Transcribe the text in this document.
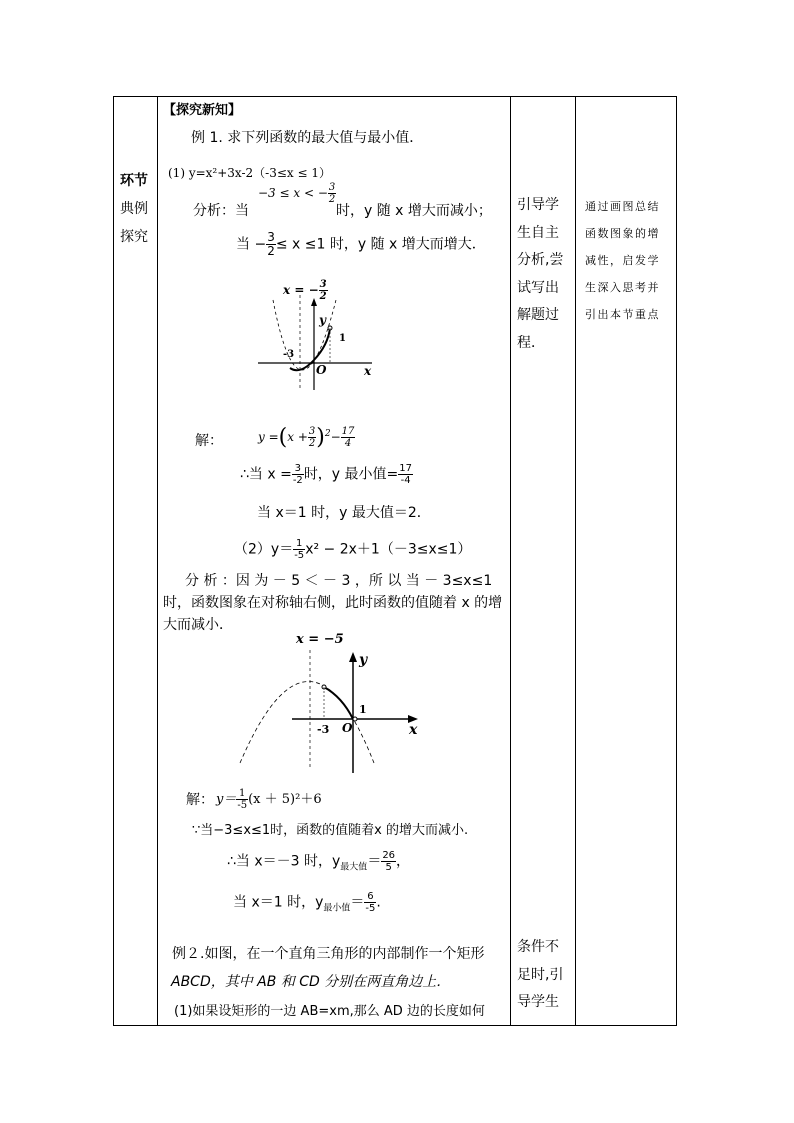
环节
典例
探究
【探究新知】
例 1. 求下列函数的最大值与最小值．
(1) y=x²+3x-2（-3≤x ≤ 1）
−3 ≤ x < − $\frac{3}{2}$
分析：当	时，y 随 x 增大而减小；
当 − $\frac{3}{2} \le x \le 1$ 时，y 随 x 增大而增大．
x = − $\frac{3}{2}$
y
x
O
-3
1
解：	$y =(x + \frac{3}{2} )^2- \frac{17}{4}$
∴当 $x = \frac{3}{-2}$ 时，y 最小值= $\frac{17}{-4}$
当 x＝1 时，y 最大值＝2．
$(2)y= \frac{1}{-5} x^2 - 2x+1(-3\le x\le 1)$
分 析 ：因 为 － 5 ＜ － 3 ，所 以 当 － 3≤x≤1 时，函数图象在对称轴右侧，此时函数的值随着 x 的增大而减小．
x = −5
y
x
O
-3
1
解： $y= \frac{1}{-5} (x + 5)^2+6$
∵当−3≤x≤1时，函数的值随着x 的增大而减小.
∴当 x＝－3 时，$y_{最大值}= \frac{26}{5}$ ，
当 x＝1 时，$y_{最小值}= \frac{6}{-5}$ .
例２.如图，在一个直角三角形的内部制作一个矩形
ABCD，其中 AB 和 CD 分别在两直角边上．
(1)如果设矩形的一边 AB=xm,那么 AD 边的长度如何
引导学
生自主
分析,尝
试写出
解题过
程．
条件不
足时,引
导学生
通过画图总结
函数图象的增
减性，启发学
生深入思考并
引出本节重点
